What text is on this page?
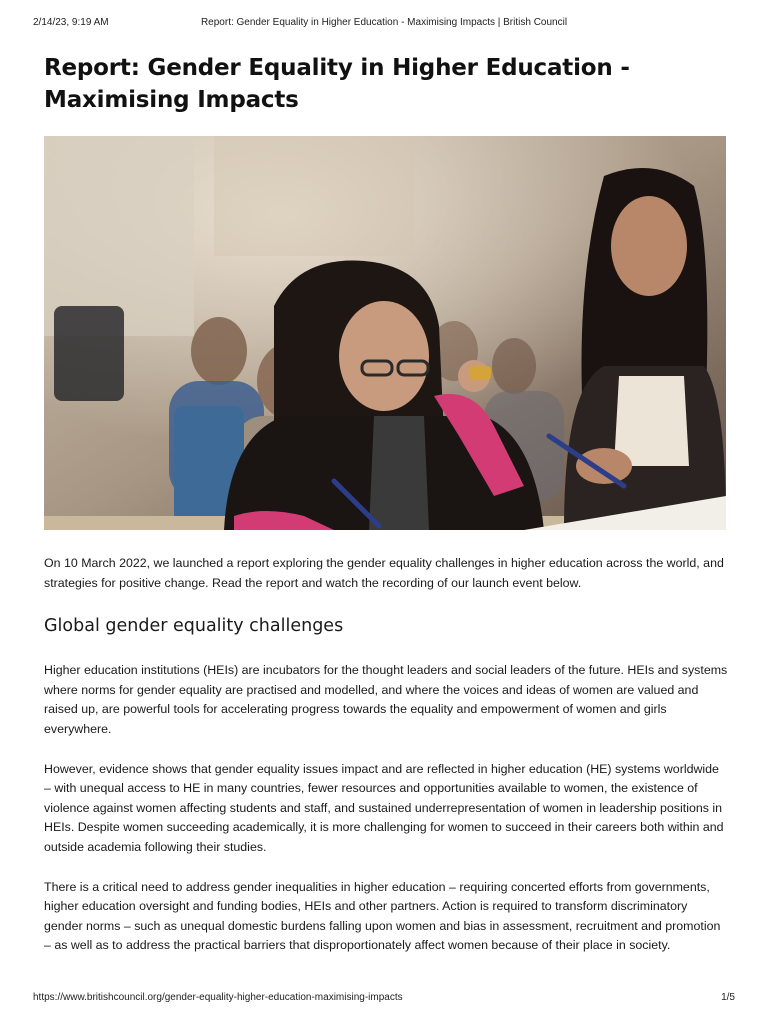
2/14/23, 9:19 AM	Report: Gender Equality in Higher Education - Maximising Impacts | British Council
Report: Gender Equality in Higher Education - Maximising Impacts

On 10 March 2022, we launched a report exploring the gender equality challenges in higher education across the world, and strategies for positive change. Read the report and watch the recording of our launch event below.

Global gender equality challenges

Higher education institutions (HEIs) are incubators for the thought leaders and social leaders of the future. HEIs and systems where norms for gender equality are practised and modelled, and where the voices and ideas of women are valued and raised up, are powerful tools for accelerating progress towards the equality and empowerment of women and girls everywhere.

However, evidence shows that gender equality issues impact and are reflected in higher education (HE) systems worldwide – with unequal access to HE in many countries, fewer resources and opportunities available to women, the existence of violence against women affecting students and staff, and sustained underrepresentation of women in leadership positions in HEIs. Despite women succeeding academically, it is more challenging for women to succeed in their careers both within and outside academia following their studies.

There is a critical need to address gender inequalities in higher education – requiring concerted efforts from governments, higher education oversight and funding bodies, HEIs and other partners. Action is required to transform discriminatory gender norms – such as unequal domestic burdens falling upon women and bias in assessment, recruitment and promotion – as well as to address the practical barriers that disproportionately affect women because of their place in society.

https://www.britishcouncil.org/gender-equality-higher-education-maximising-impacts	1/5
